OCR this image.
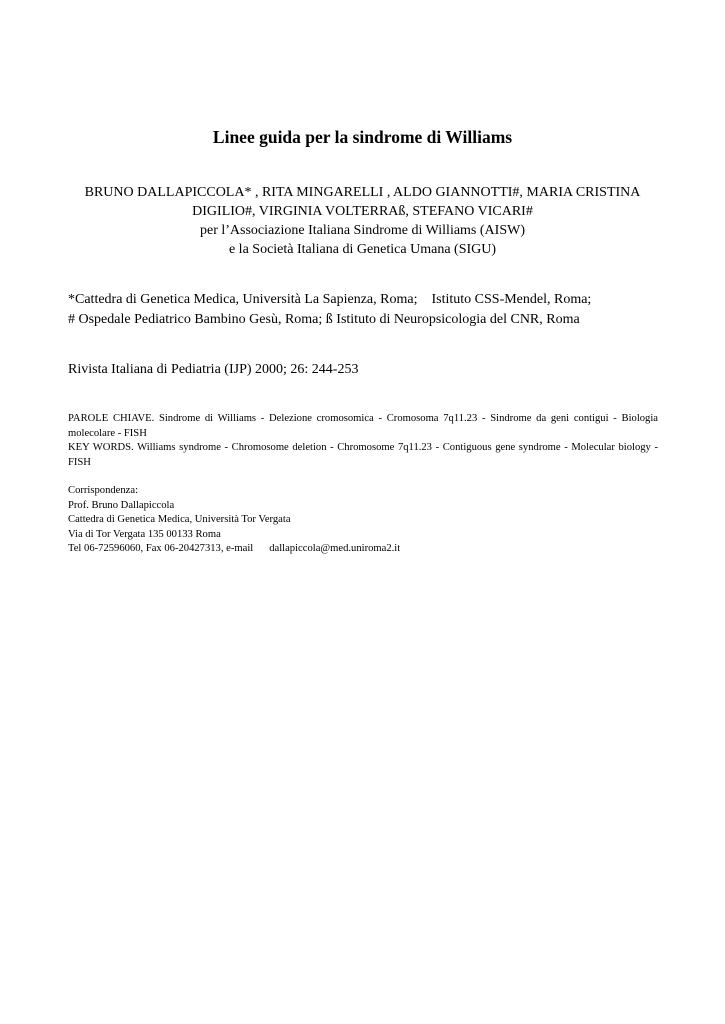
Linee guida per la sindrome di Williams
BRUNO DALLAPICCOLA* , RITA MINGARELLI , ALDO GIANNOTTI#, MARIA CRISTINA
DIGILIO#, VIRGINIA VOLTERRAß, STEFANO VICARI#
per l’Associazione Italiana Sindrome di Williams (AISW)
e la Società Italiana di Genetica Umana (SIGU)
*Cattedra di Genetica Medica, Università La Sapienza, Roma; Istituto CSS-Mendel, Roma;
# Ospedale Pediatrico Bambino Gesù, Roma; ß Istituto di Neuropsicologia del CNR, Roma
Rivista Italiana di Pediatria (IJP) 2000; 26: 244-253

PAROLE CHIAVE. Sindrome di Williams - Delezione cromosomica - Cromosoma 7q11.23 - Sindrome da geni contigui - Biologia molecolare - FISH

KEY WORDS. Williams syndrome - Chromosome deletion - Chromosome 7q11.23 - Contiguous gene syndrome - Molecular biology - FISH

Corrispondenza:
Prof. Bruno Dallapiccola
Cattedra di Genetica Medica, Università Tor Vergata
Via di Tor Vergata 135 00133 Roma
Tel 06-72596060, Fax 06-20427313, e-mail dallapiccola@med.uniroma2.it
